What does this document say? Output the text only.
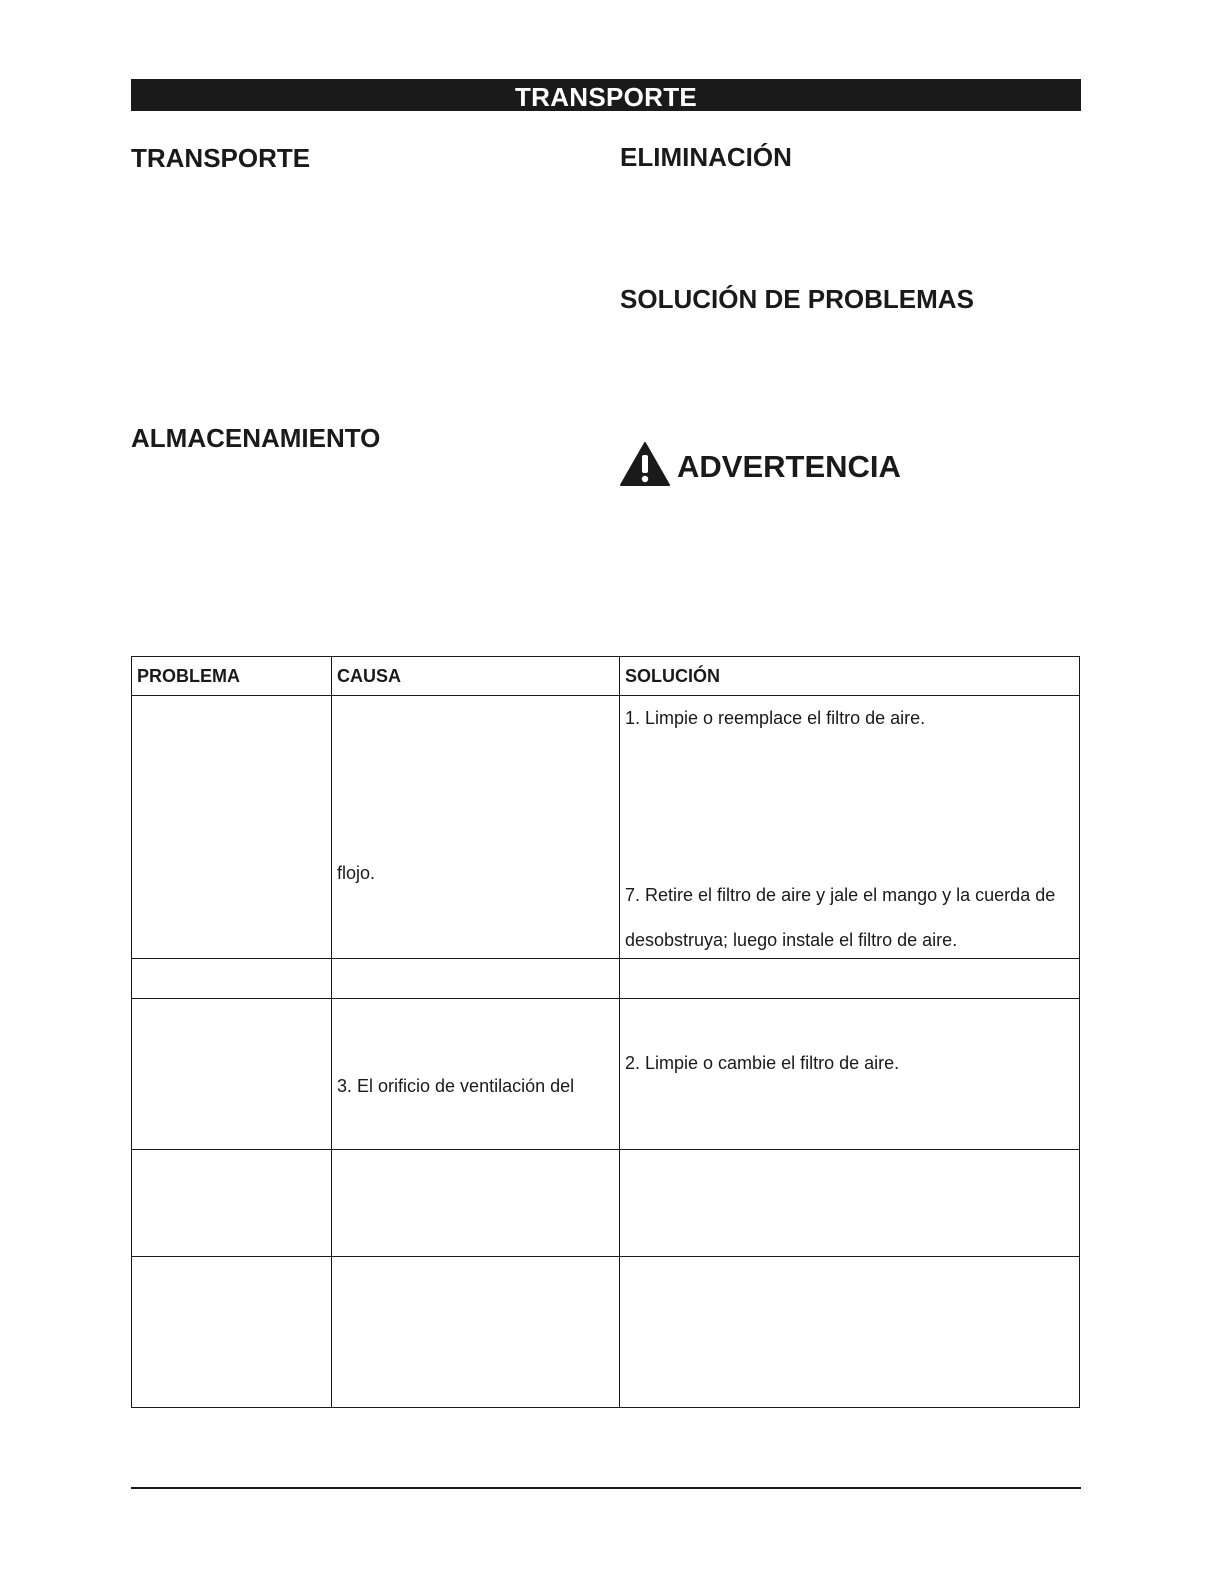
TRANSPORTE
TRANSPORTE
ALMACENAMIENTO
ELIMINACIÓN
SOLUCIÓN DE PROBLEMAS
ADVERTENCIA
PROBLEMA	CAUSA	SOLUCIÓN

	flojo.	1. Limpie o reemplace el filtro de aire.
7. Retire el filtro de aire y jale el mango y la cuerda de
desobstruya; luego instale el filtro de aire.

	3. El orificio de ventilación del	2. Limpie o cambie el filtro de aire.
